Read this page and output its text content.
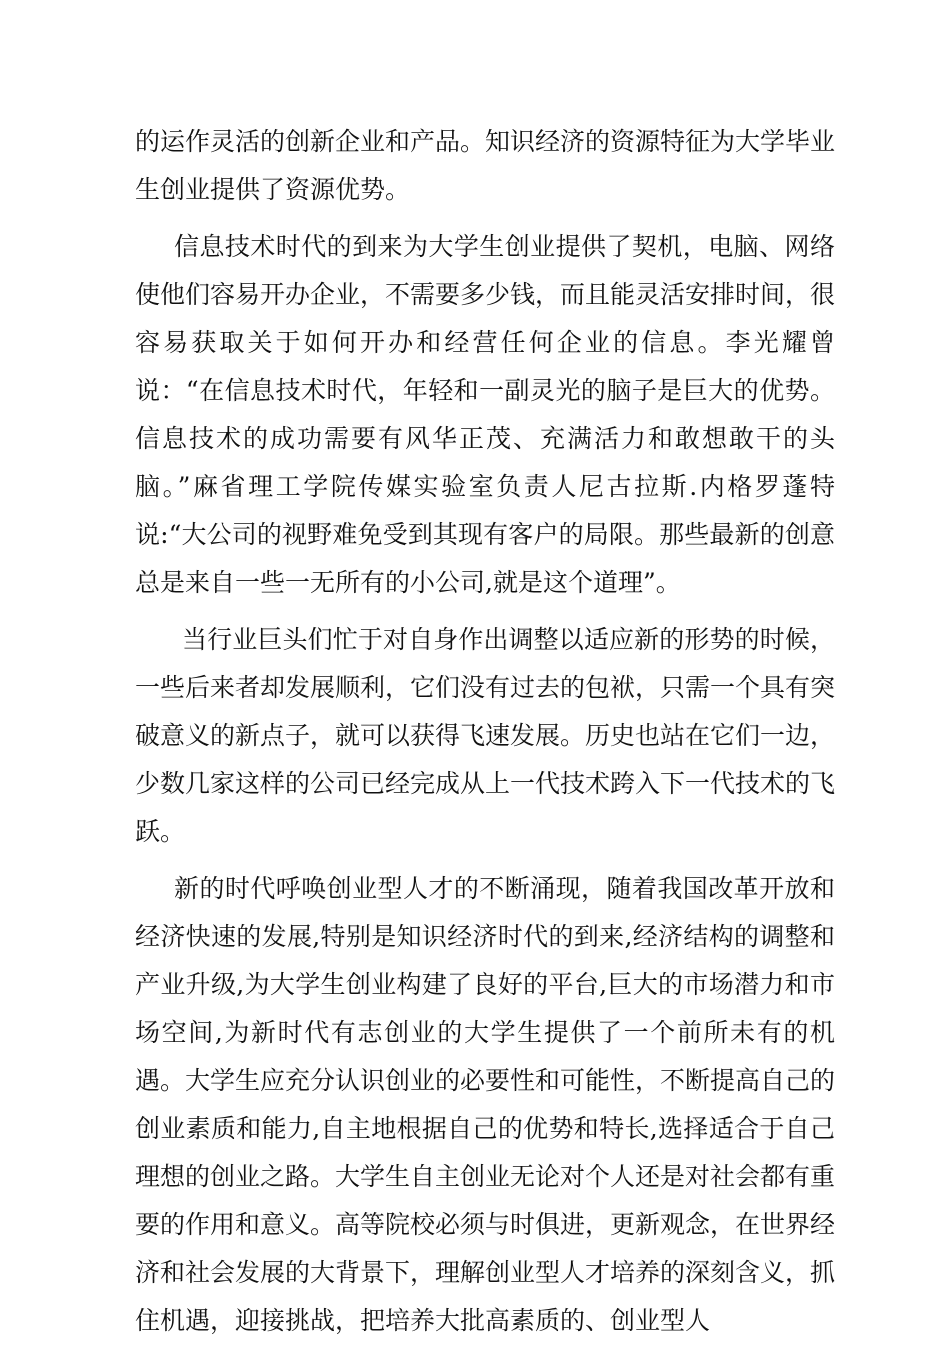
的运作灵活的创新企业和产品。知识经济的资源特征为大学毕业生创业提供了资源优势。

信息技术时代的到来为大学生创业提供了契机，电脑、网络使他们容易开办企业，不需要多少钱，而且能灵活安排时间，很容易获取关于如何开办和经营任何企业的信息。李光耀曾说：“在信息技术时代，年轻和一副灵光的脑子是巨大的优势。信息技术的成功需要有风华正茂、充满活力和敢想敢干的头脑。”麻省理工学院传媒实验室负责人尼古拉斯.内格罗蓬特说:“大公司的视野难免受到其现有客户的局限。那些最新的创意总是来自一些一无所有的小公司,就是这个道理”。

当行业巨头们忙于对自身作出调整以适应新的形势的时候，一些后来者却发展顺利，它们没有过去的包袱，只需一个具有突破意义的新点子，就可以获得飞速发展。历史也站在它们一边，少数几家这样的公司已经完成从上一代技术跨入下一代技术的飞跃。

新的时代呼唤创业型人才的不断涌现，随着我国改革开放和经济快速的发展,特别是知识经济时代的到来,经济结构的调整和产业升级,为大学生创业构建了良好的平台,巨大的市场潜力和市场空间,为新时代有志创业的大学生提供了一个前所未有的机遇。大学生应充分认识创业的必要性和可能性，不断提高自己的创业素质和能力,自主地根据自己的优势和特长,选择适合于自己理想的创业之路。大学生自主创业无论对个人还是对社会都有重要的作用和意义。高等院校必须与时俱进，更新观念，在世界经济和社会发展的大背景下，理解创业型人才培养的深刻含义，抓住机遇，迎接挑战，把培养大批高素质的、创业型人
